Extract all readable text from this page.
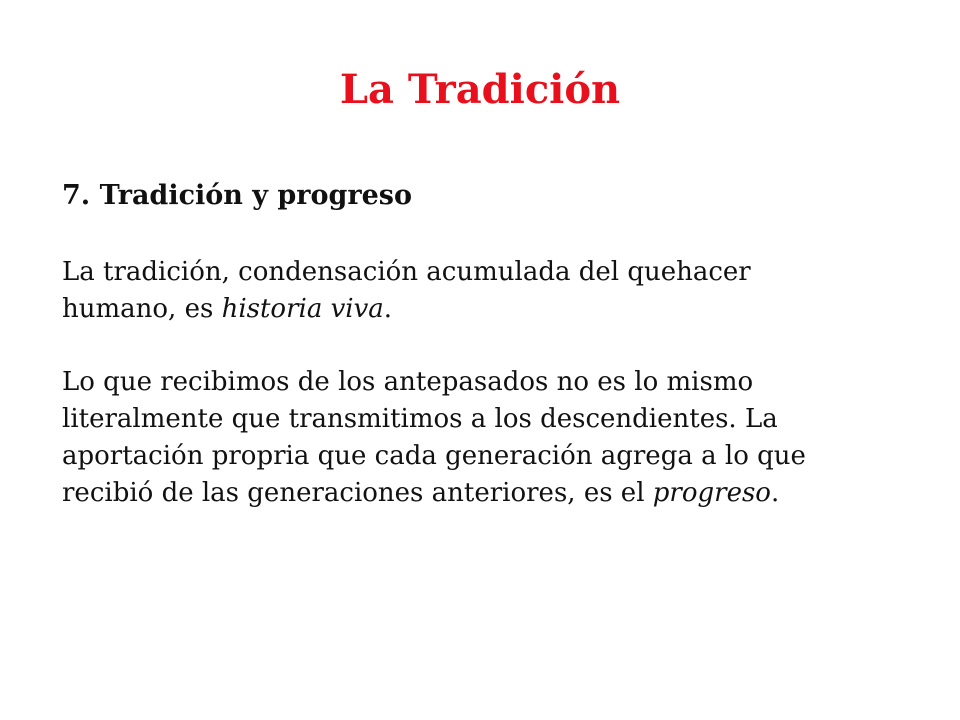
La Tradición

7. Tradición y progreso

La tradición, condensación acumulada del quehacer humano, es historia viva.

Lo que recibimos de los antepasados no es lo mismo literalmente que transmitimos a los descendientes. La aportación propria que cada generación agrega a lo que recibió de las generaciones anteriores, es el progreso.
